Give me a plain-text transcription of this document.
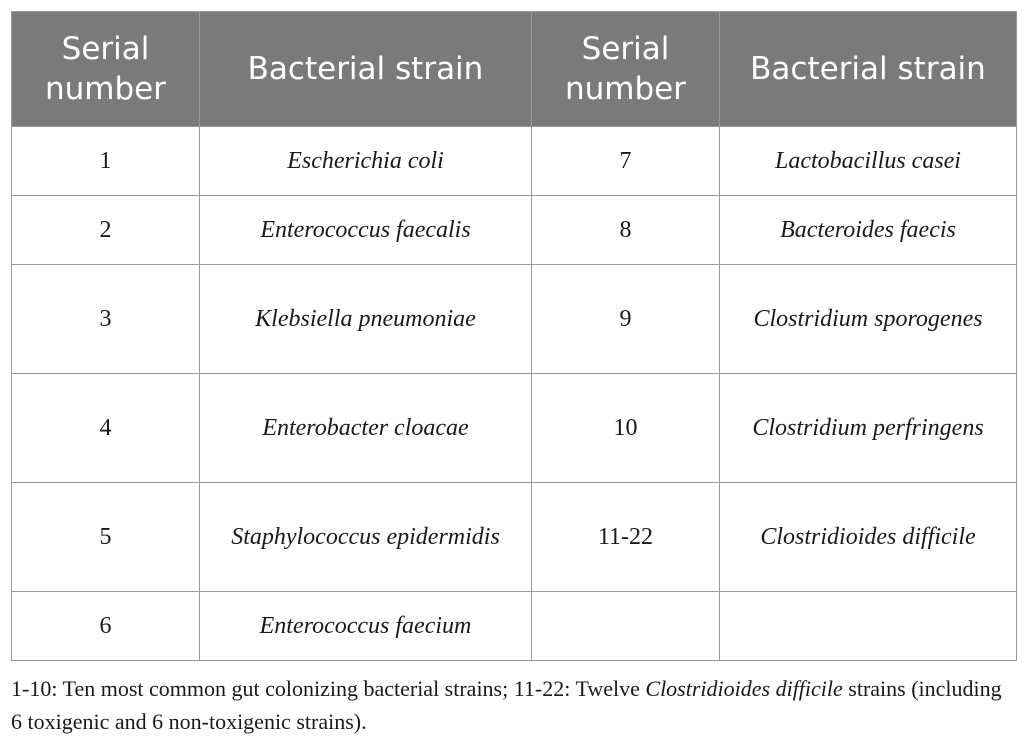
Serial number	Bacterial strain	Serial number	Bacterial strain
1	Escherichia coli	7	Lactobacillus casei
2	Enterococcus faecalis	8	Bacteroides faecis
3	Klebsiella pneumoniae	9	Clostridium sporogenes
4	Enterobacter cloacae	10	Clostridium perfringens
5	Staphylococcus epidermidis	11-22	Clostridioides difficile
6	Enterococcus faecium		
1-10: Ten most common gut colonizing bacterial strains; 11-22: Twelve Clostridioides difficile strains (including 6 toxigenic and 6 non-toxigenic strains).
